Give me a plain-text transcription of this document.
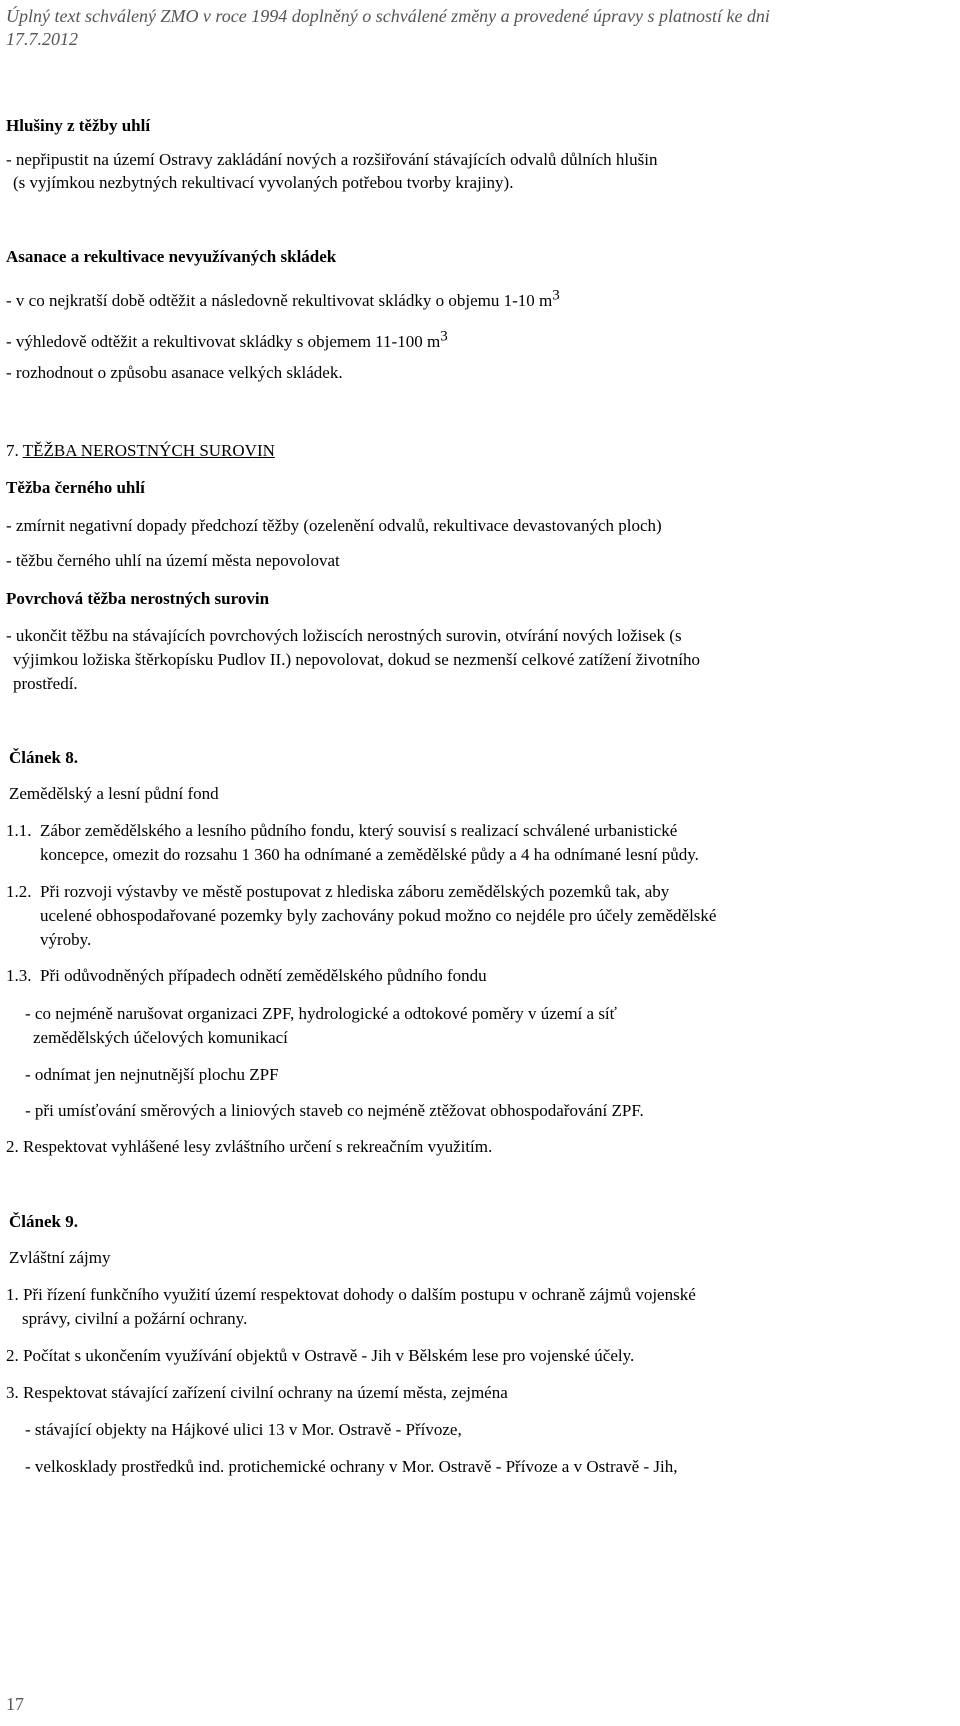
Úplný text schválený ZMO v roce 1994 doplněný o schválené změny a provedené úpravy s platností ke dni
17.7.2012
Hlušiny z těžby uhlí
- nepřipustit na území Ostravy zakládání nových a rozšiřování stávajících odvalů důlních hlušin
(s vyjímkou nezbytných rekultivací vyvolaných potřebou tvorby krajiny).
Asanace a rekultivace nevyužívaných skládek
- v co nejkratší době odtěžit a následovně rekultivovat skládky o objemu 1-10 $m^3$
- výhledově odtěžit a rekultivovat skládky s objemem 11-100 $m^3$
- rozhodnout o způsobu asanace velkých skládek.
7. TĚŽBA NEROSTNÝCH SUROVIN
Těžba černého uhlí
- zmírnit negativní dopady předchozí těžby (ozelenění odvalů, rekultivace devastovaných ploch)
- těžbu černého uhlí na území města nepovolovat
Povrchová těžba nerostných surovin
- ukončit těžbu na stávajících povrchových ložiscích nerostných surovin, otvírání nových ložisek (s
výjimkou ložiska štěrkopísku Pudlov II.) nepovolovat, dokud se nezmenší celkové zatížení životního
prostředí.
Článek 8.
Zemědělský a lesní půdní fond
1.1. Zábor zemědělského a lesního půdního fondu, který souvisí s realizací schválené urbanistické
koncepce, omezit do rozsahu 1 360 ha odnímané a zemědělské půdy a 4 ha odnímané lesní půdy.
1.2. Při rozvoji výstavby ve městě postupovat z hlediska záboru zemědělských pozemků tak, aby
ucelené obhospodařované pozemky byly zachovány pokud možno co nejdéle pro účely zemědělské
výroby.
1.3. Při odůvodněných případech odnětí zemědělského půdního fondu
- co nejméně narušovat organizaci ZPF, hydrologické a odtokové poměry v území a síť
zemědělských účelových komunikací
- odnímat jen nejnutnější plochu ZPF
- při umísťování směrových a liniových staveb co nejméně ztěžovat obhospodařování ZPF.
2. Respektovat vyhlášené lesy zvláštního určení s rekreačním využitím.
Článek 9.
Zvláštní zájmy
1. Při řízení funkčního využití území respektovat dohody o dalším postupu v ochraně zájmů vojenské
správy, civilní a požární ochrany.
2. Počítat s ukončením využívání objektů v Ostravě - Jih v Bělském lese pro vojenské účely.
3. Respektovat stávající zařízení civilní ochrany na území města, zejména
- stávající objekty na Hájkové ulici 13 v Mor. Ostravě - Přívoze,
- velkosklady prostředků ind. protichemické ochrany v Mor. Ostravě - Přívoze a v Ostravě - Jih,
17
